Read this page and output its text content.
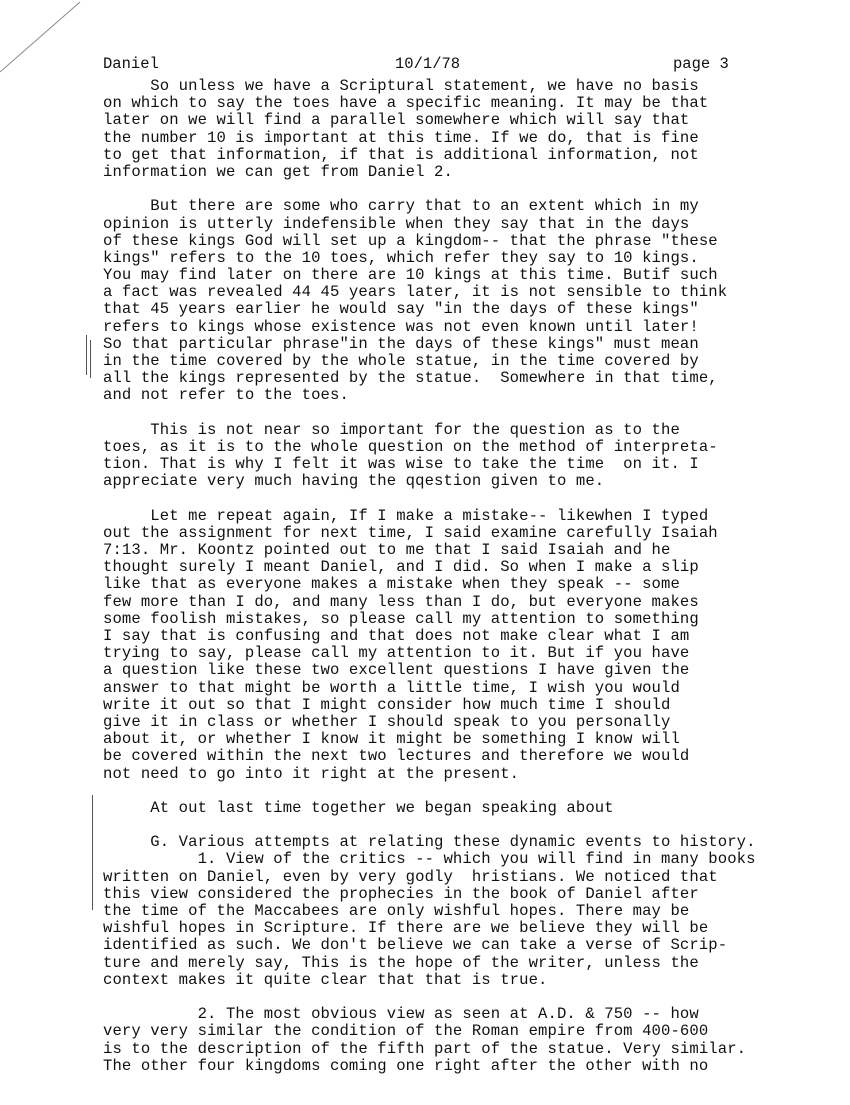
Daniel	10/1/78	page 3
So unless we have a Scriptural statement, we have no basis
on which to say the toes have a specific meaning. It may be that
later on we will find a parallel somewhere which will say that
the number 10 is important at this time. If we do, that is fine
to get that information, if that is additional information, not
information we can get from Daniel 2.
But there are some who carry that to an extent which in my
opinion is utterly indefensible when they say that in the days
of these kings God will set up a kingdom-- that the phrase "these
kings" refers to the 10 toes, which refer they say to 10 kings.
You may find later on there are 10 kings at this time. Butif such
a fact was revealed 44 45 years later, it is not sensible to think
that 45 years earlier he would say "in the days of these kings"
refers to kings whose existence was not even known until later!
So that particular phrase"in the days of these kings" must mean
in the time covered by the whole statue, in the time covered by
all the kings represented by the statue.  Somewhere in that time,
and not refer to the toes.
This is not near so important for the question as to the
toes, as it is to the whole question on the method of interpreta-
tion. That is why I felt it was wise to take the time  on it. I
appreciate very much having the qqestion given to me.
Let me repeat again, If I make a mistake-- likewhen I typed
out the assignment for next time, I said examine carefully Isaiah
7:13. Mr. Koontz pointed out to me that I said Isaiah and he
thought surely I meant Daniel, and I did. So when I make a slip
like that as everyone makes a mistake when they speak -- some
few more than I do, and many less than I do, but everyone makes
some foolish mistakes, so please call my attention to something
I say that is confusing and that does not make clear what I am
trying to say, please call my attention to it. But if you have
a question like these two excellent questions I have given the
answer to that might be worth a little time, I wish you would
write it out so that I might consider how much time I should
give it in class or whether I should speak to you personally
about it, or whether I know it might be something I know will
be covered within the next two lectures and therefore we would
not need to go into it right at the present.
At out last time together we began speaking about
G. Various attempts at relating these dynamic events to history.
1. View of the critics -- which you will find in many books
written on Daniel, even by very godly  hristians. We noticed that
this view considered the prophecies in the book of Daniel after
the time of the Maccabees are only wishful hopes. There may be
wishful hopes in Scripture. If there are we believe they will be
identified as such. We don't believe we can take a verse of Scrip-
ture and merely say, This is the hope of the writer, unless the
context makes it quite clear that that is true.
2. The most obvious view as seen at A.D. & 750 -- how
very very similar the condition of the Roman empire from 400-600
is to the description of the fifth part of the statue. Very similar.
The other four kingdoms coming one right after the other with no
